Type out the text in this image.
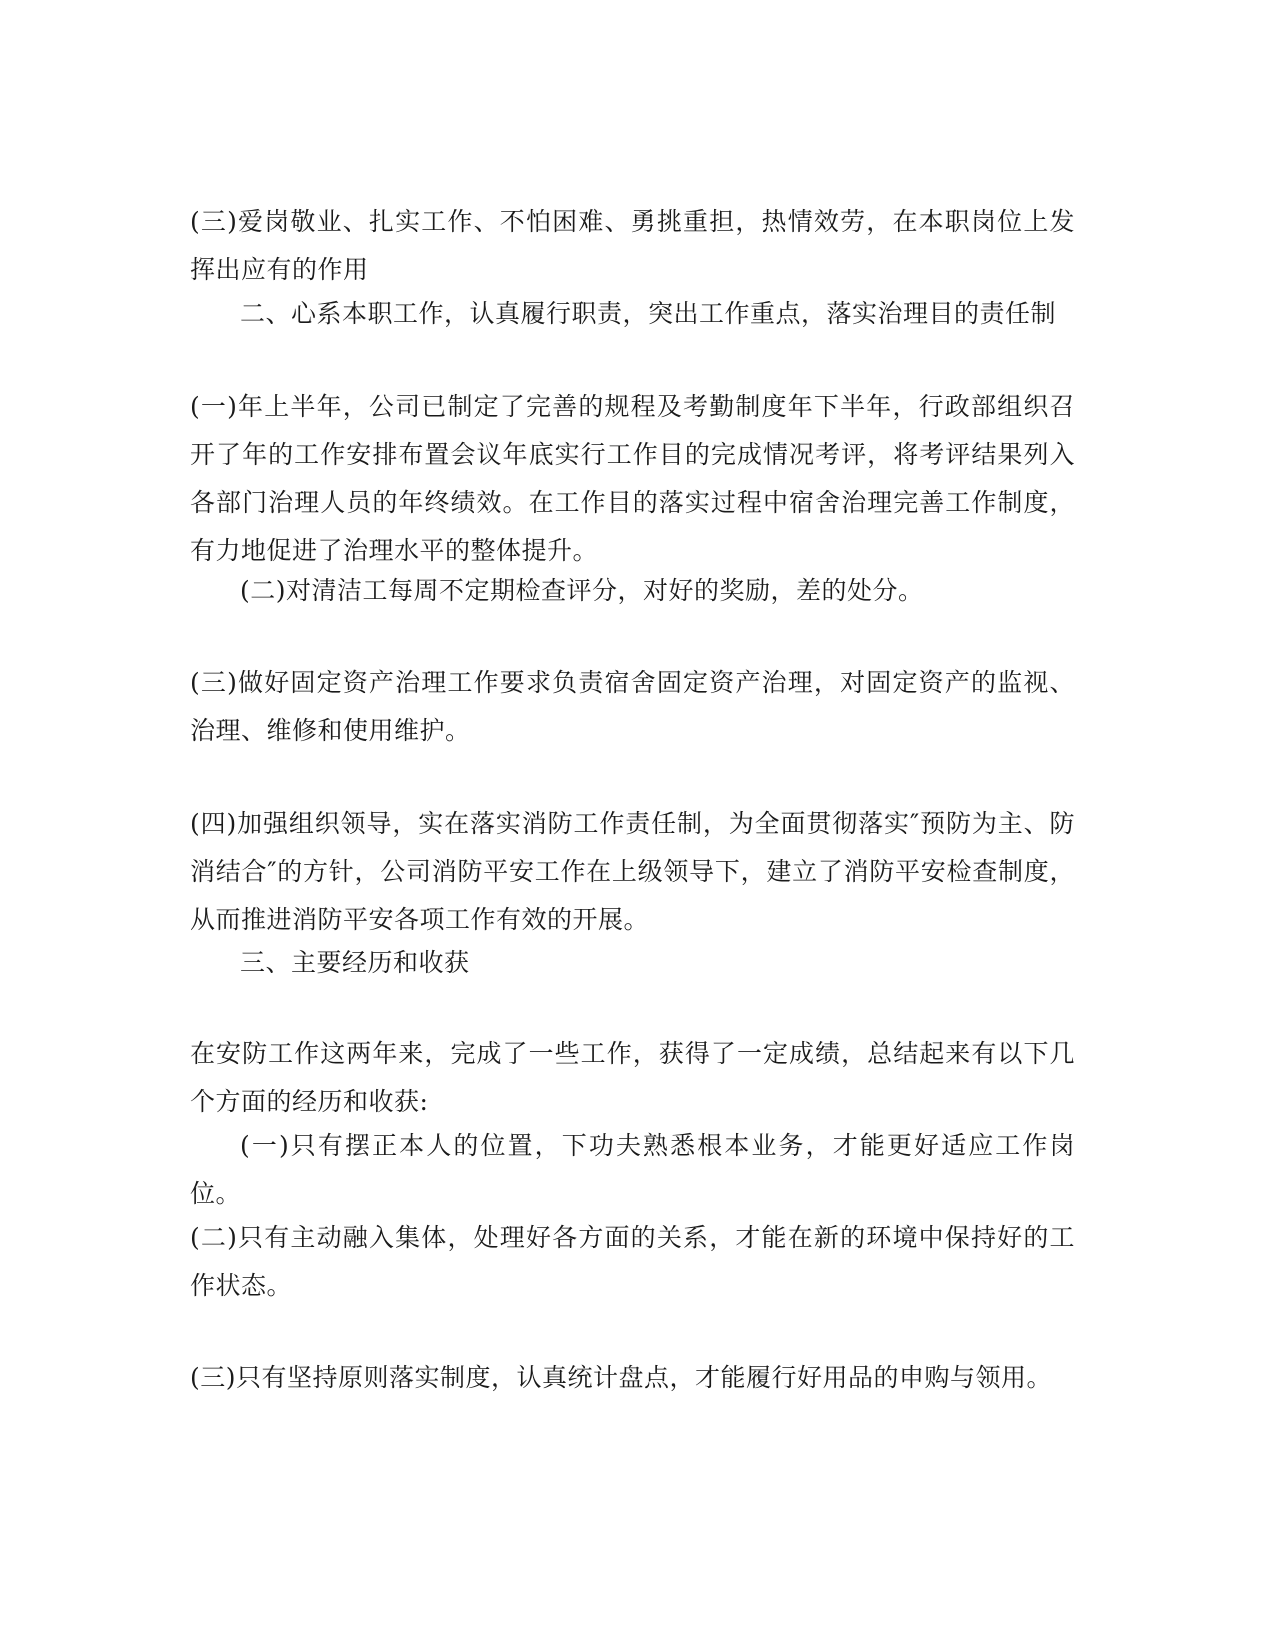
(三)爱岗敬业、扎实工作、不怕困难、勇挑重担，热情效劳，在本职岗位上发挥出应有的作用

二、心系本职工作，认真履行职责，突出工作重点，落实治理目的责任制

(一)年上半年，公司已制定了完善的规程及考勤制度年下半年，行政部组织召开了年的工作安排布置会议年底实行工作目的完成情况考评，将考评结果列入各部门治理人员的年终绩效。在工作目的落实过程中宿舍治理完善工作制度，有力地促进了治理水平的整体提升。

(二)对清洁工每周不定期检查评分，对好的奖励，差的处分。

(三)做好固定资产治理工作要求负责宿舍固定资产治理，对固定资产的监视、治理、维修和使用维护。

(四)加强组织领导，实在落实消防工作责任制，为全面贯彻落实″预防为主、防消结合″的方针，公司消防平安工作在上级领导下，建立了消防平安检查制度，从而推进消防平安各项工作有效的开展。

三、主要经历和收获

在安防工作这两年来，完成了一些工作，获得了一定成绩，总结起来有以下几个方面的经历和收获:

(一)只有摆正本人的位置，下功夫熟悉根本业务，才能更好适应工作岗位。

(二)只有主动融入集体，处理好各方面的关系，才能在新的环境中保持好的工作状态。

(三)只有坚持原则落实制度，认真统计盘点，才能履行好用品的申购与领用。
